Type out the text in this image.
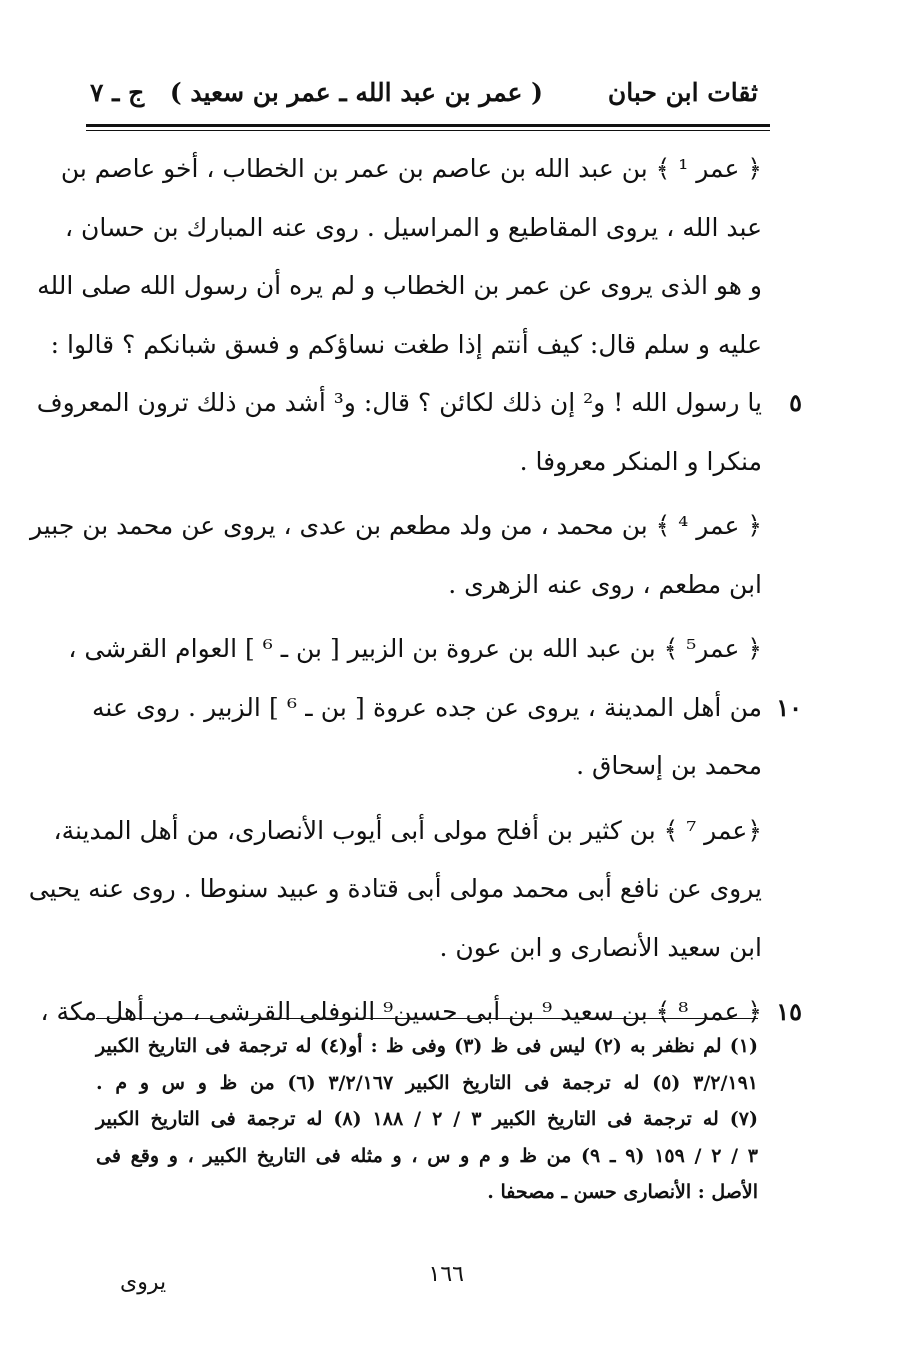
ثقات ابن حبان
( عمر بن عبد الله ـ عمر بن سعيد )
ج ـ ٧
﴿ عمر ¹ ﴾ بن عبد الله بن عاصم بن عمر بن الخطاب ، أخو عاصم بن
عبد الله ، يروى المقاطيع و المراسيل . روى عنه المبارك بن حسان ،
و هو الذى يروى عن عمر بن الخطاب و لم يره أن رسول الله صلى الله
عليه و سلم قال: كيف أنتم إذا طغت نساؤكم و فسق شبانكم ؟ قالوا :
٥
يا رسول الله ! و² إن ذلك لكائن ؟ قال: و³ أشد من ذلك ترون المعروف
منكرا و المنكر معروفا .
﴿ عمر ⁴ ﴾ بن محمد ، من ولد مطعم بن عدى ، يروى عن محمد بن جبير
ابن مطعم ، روى عنه الزهرى .
﴿ عمر⁵ ﴾ بن عبد الله بن عروة بن الزبير [ بن ـ ⁶ ] العوام القرشى ،
١٠
من أهل المدينة ، يروى عن جده عروة [ بن ـ ⁶ ] الزبير . روى عنه
محمد بن إسحاق .
﴿عمر ⁷ ﴾ بن كثير بن أفلح مولى أبى أيوب الأنصارى، من أهل المدينة،
يروى عن نافع أبى محمد مولى أبى قتادة و عبيد سنوطا . روى عنه يحيى
ابن سعيد الأنصارى و ابن عون .
١٥
﴿ عمر ⁸ ﴾ بن سعيد ⁹ بن أبى حسين⁹ النوفلى القرشى ، من أهل مكة ،
(١) لم نظفر به (٢) ليس فى ظ (٣) وفى ظ : أو(٤) له ترجمة فى التاريخ الكبير
٣/٢/١٩١ (٥) له ترجمة فى التاريخ الكبير ٣/٢/١٦٧ (٦) من ظ و س و م .
(٧) له ترجمة فى التاريخ الكبير ٣ / ٢ / ١٨٨ (٨) له ترجمة فى التاريخ الكبير
٣ / ٢ / ١٥٩ (٩ ـ ٩) من ظ و م و س ، و مثله فى التاريخ الكبير ، و وقع فى
الأصل : الأنصارى حسن ـ مصحفا .
١٦٦
يروى
